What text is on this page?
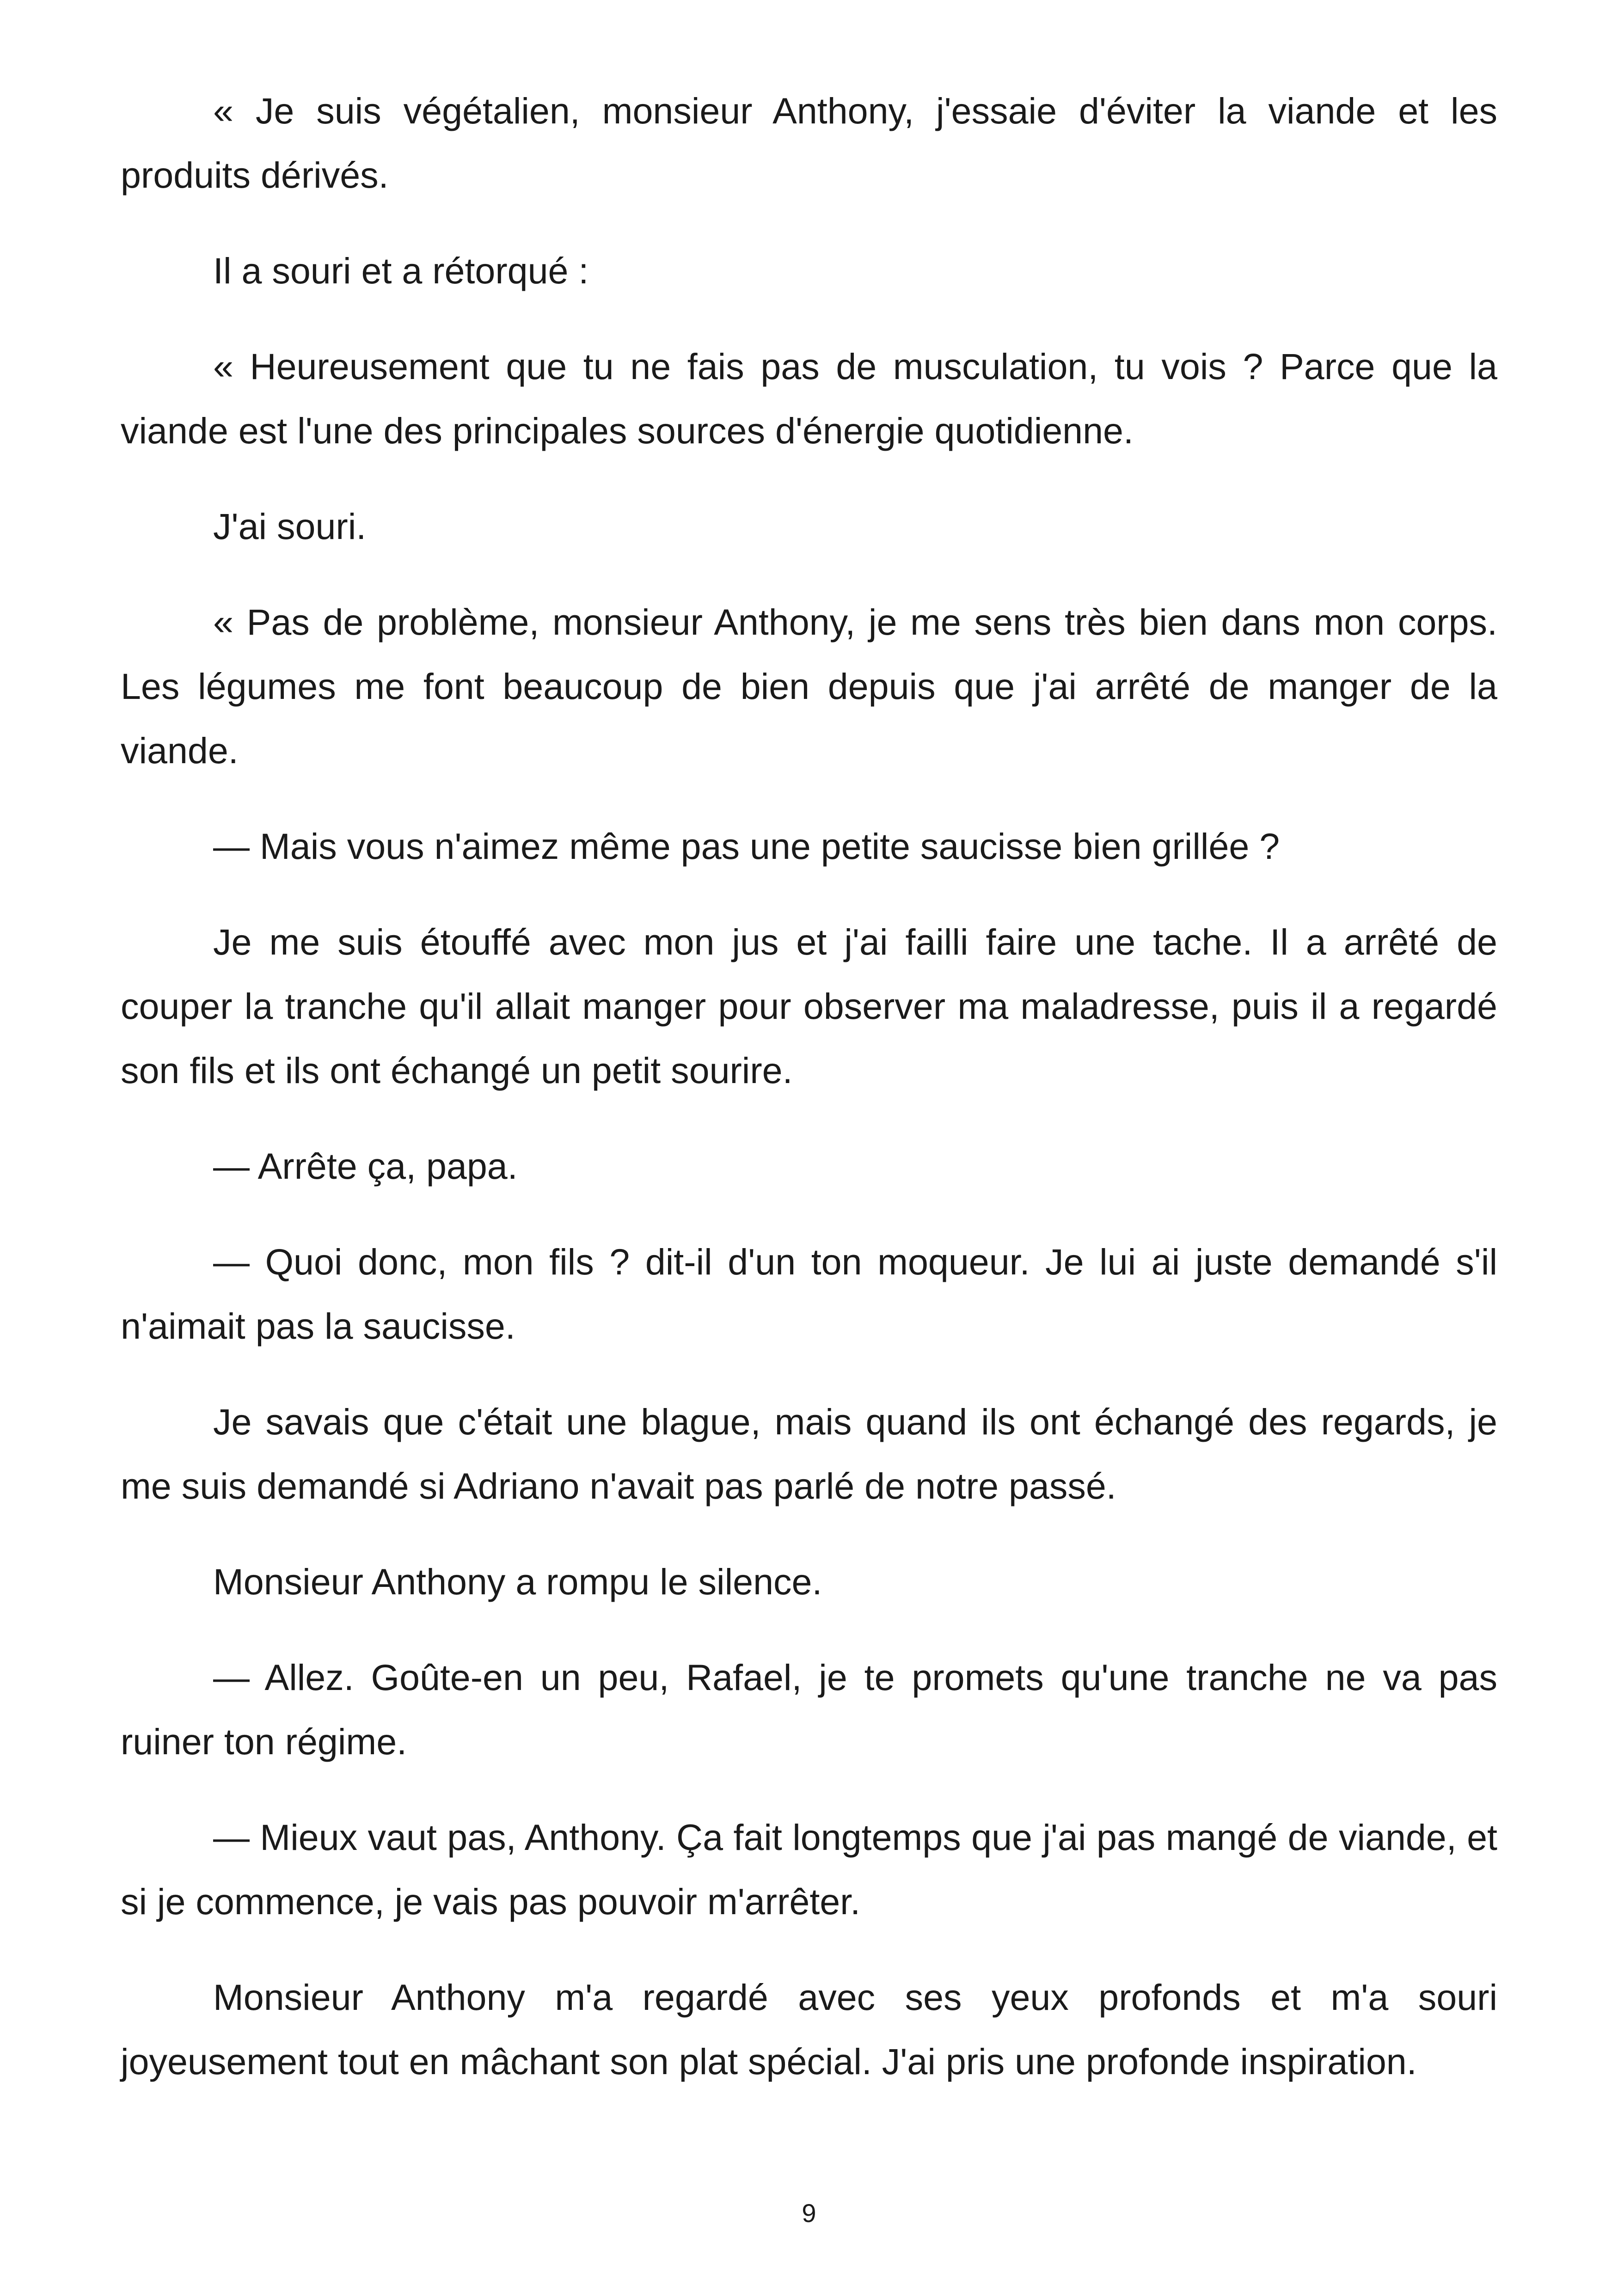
« Je suis végétalien, monsieur Anthony, j'essaie d'éviter la viande et les produits dérivés.

Il a souri et a rétorqué :

« Heureusement que tu ne fais pas de musculation, tu vois ? Parce que la viande est l'une des principales sources d'énergie quotidienne.

J'ai souri.

« Pas de problème, monsieur Anthony, je me sens très bien dans mon corps. Les légumes me font beaucoup de bien depuis que j'ai arrêté de manger de la viande.

— Mais vous n'aimez même pas une petite saucisse bien grillée ?

Je me suis étouffé avec mon jus et j'ai failli faire une tache. Il a arrêté de couper la tranche qu'il allait manger pour observer ma maladresse, puis il a regardé son fils et ils ont échangé un petit sourire.

— Arrête ça, papa.

— Quoi donc, mon fils ? dit-il d'un ton moqueur. Je lui ai juste demandé s'il n'aimait pas la saucisse.

Je savais que c'était une blague, mais quand ils ont échangé des regards, je me suis demandé si Adriano n'avait pas parlé de notre passé.

Monsieur Anthony a rompu le silence.

— Allez. Goûte-en un peu, Rafael, je te promets qu'une tranche ne va pas ruiner ton régime.

— Mieux vaut pas, Anthony. Ça fait longtemps que j'ai pas mangé de viande, et si je commence, je vais pas pouvoir m'arrêter.

Monsieur Anthony m'a regardé avec ses yeux profonds et m'a souri joyeusement tout en mâchant son plat spécial. J'ai pris une profonde inspiration.

9
